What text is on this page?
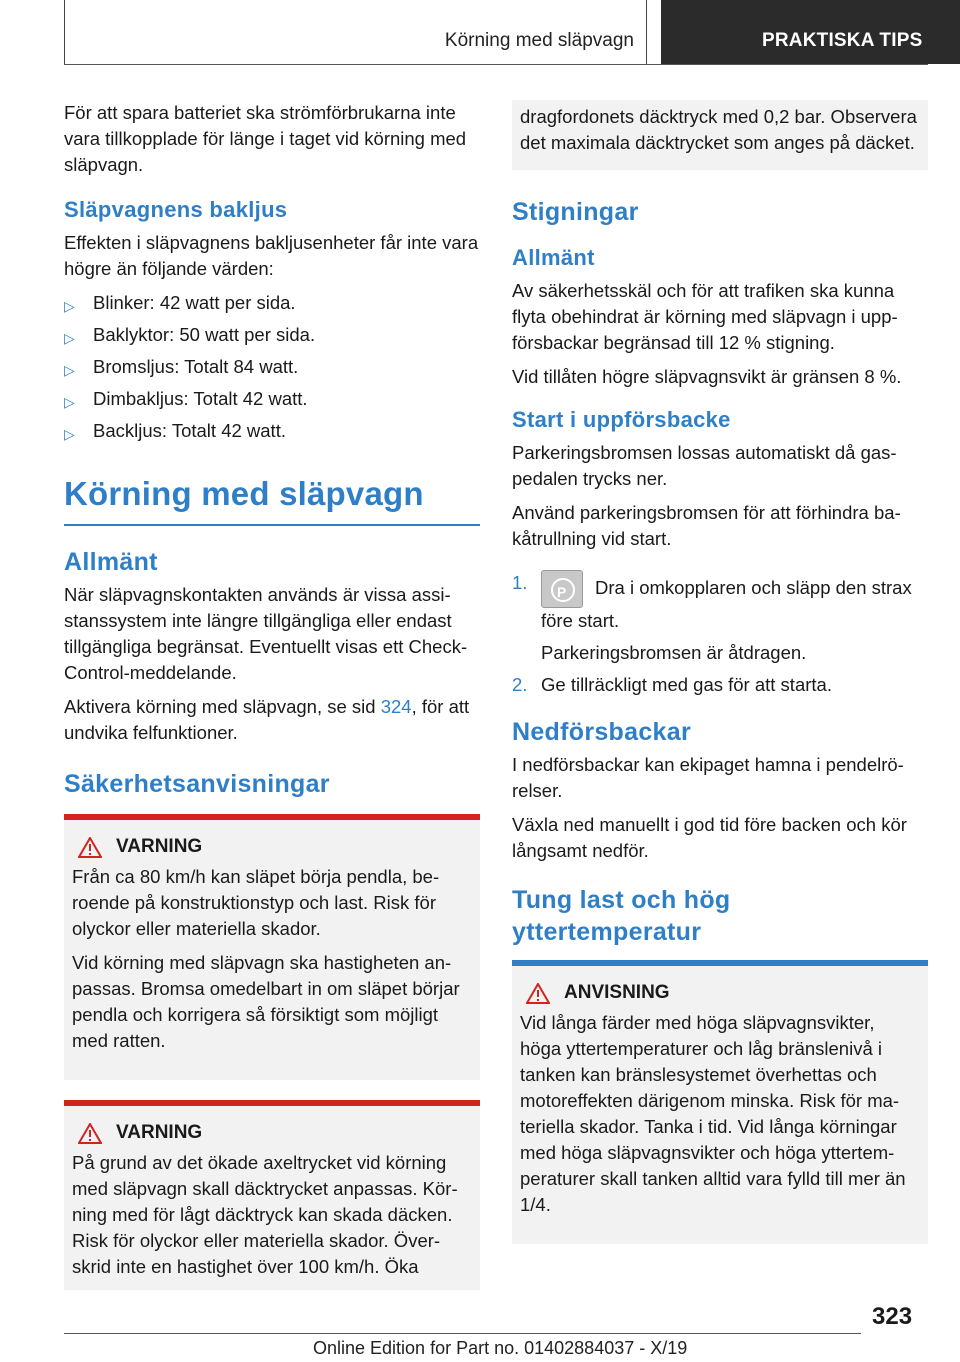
Körning med släpvagn	PRAKTISKA TIPS

För att spara batteriet ska strömförbrukarna inte vara tillkopplade för länge i taget vid körning med släpvagn.

Släpvagnens bakljus

Effekten i släpvagnens bakljusenheter får inte vara högre än följande värden:

▷ Blinker: 42 watt per sida.
▷ Baklyktor: 50 watt per sida.
▷ Bromsljus: Totalt 84 watt.
▷ Dimbakljus: Totalt 42 watt.
▷ Backljus: Totalt 42 watt.
Körning med släpvagn
Allmänt

När släpvagnskontakten används är vissa assistanssystem inte längre tillgängliga eller endast tillgängliga begränsat. Eventuellt visas ett Check-Control-meddelande.

Aktivera körning med släpvagn, se sid 324, för att undvika felfunktioner.

Säkerhetsanvisningar
VARNING

Från ca 80 km/h kan släpet börja pendla, beroende på konstruktionstyp och last. Risk för olyckor eller materiella skador.

Vid körning med släpvagn ska hastigheten anpassas. Bromsa omedelbart in om släpet börjar pendla och korrigera så försiktigt som möjligt med ratten.

VARNING

På grund av det ökade axeltrycket vid körning med släpvagn skall däcktrycket anpassas. Körning med för lågt däcktryck kan skada däcken. Risk för olyckor eller materiella skador. Överskrid inte en hastighet över 100 km/h. Öka

dragfordonets däcktryck med 0,2 bar. Observera det maximala däcktrycket som anges på däcket.

Stigningar
Allmänt

Av säkerhetsskäl och för att trafiken ska kunna flyta obehindrat är körning med släpvagn i uppförsbackar begränsad till 12 % stigning.

Vid tillåten högre släpvagnsvikt är gränsen 8 %.

Start i uppförsbacke

Parkeringsbromsen lossas automatiskt då gaspedalen trycks ner.

Använd parkeringsbromsen för att förhindra bakåtrullning vid start.

1. P Dra i omkopplaren och släpp den strax före start.
Parkeringsbromsen är åtdragen.
2. Ge tillräckligt med gas för att starta.
Nedförsbackar

I nedförsbackar kan ekipaget hamna i pendelrörelser.

Växla ned manuellt i god tid före backen och kör långsamt nedför.

Tung last och hög yttertemperatur
ANVISNING

Vid långa färder med höga släpvagnsvikter, höga yttertemperaturer och låg bränslenivå i tanken kan bränslesystemet överhettas och motoreffekten därigenom minska. Risk för materiella skador. Tanka i tid. Vid långa körningar med höga släpvagnsvikter och höga yttertemperaturer skall tanken alltid vara fylld till mer än 1/4.

323
Online Edition for Part no. 01402884037 - X/19
